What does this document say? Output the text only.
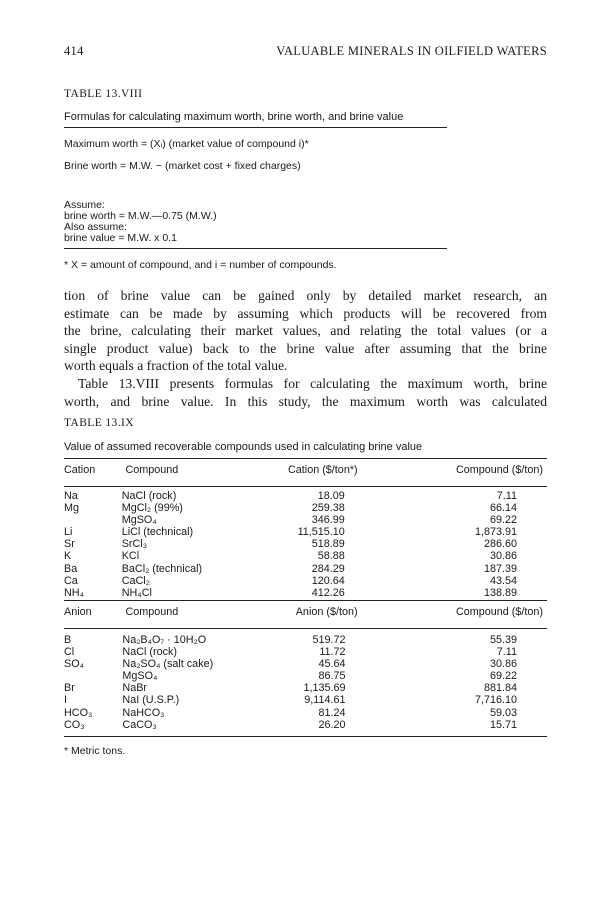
414	VALUABLE MINERALS IN OILFIELD WATERS
TABLE 13.VIII
Formulas for calculating maximum worth, brine worth, and brine value
Maximum worth = (Xᵢ) (market value of compound i)*
Brine worth = M.W. − (market cost + fixed charges)
Assume:
brine worth = M.W.—0.75 (M.W.)
Also assume:
brine value = M.W. x 0.1
* X = amount of compound, and i = number of compounds.
tion of brine value can be gained only by detailed market research, an
estimate can be made by assuming which products will be recovered from
the brine, calculating their market values, and relating the total values (or a
single product value) back to the brine value after assuming that the brine
worth equals a fraction of the total value.
Table 13.VIII presents formulas for calculating the maximum worth, brine
worth, and brine value. In this study, the maximum worth was calculated
TABLE 13.IX
Value of assumed recoverable compounds used in calculating brine value
Cation	Compound	Cation ($/ton*)	Compound ($/ton)
Na	NaCl (rock)	18.09	7.11
Mg	MgCl₂ (99%)	259.38	66.14
	MgSO₄	346.99	69.22
Li	LiCl (technical)	11,515.10	1,873.91
Sr	SrCl₃	518.89	286.60
K	KCl	58.88	30.86
Ba	BaCl₂ (technical)	284.29	187.39
Ca	CaCl₂	120.64	43.54
NH₄	NH₄Cl	412.26	138.89
Anion	Compound	Anion ($/ton)	Compound ($/ton)
B	Na₂B₄O₇ · 10H₂O	519.72	55.39
Cl	NaCl (rock)	11.72	7.11
SO₄	Na₂SO₄ (salt cake)	45.64	30.86
	MgSO₄	86.75	69.22
Br	NaBr	1,135.69	881.84
I	NaI (U.S.P.)	9,114.61	7,716.10
HCO₃	NaHCO₃	81.24	59.03
CO₃	CaCO₃	26.20	15.71
* Metric tons.
